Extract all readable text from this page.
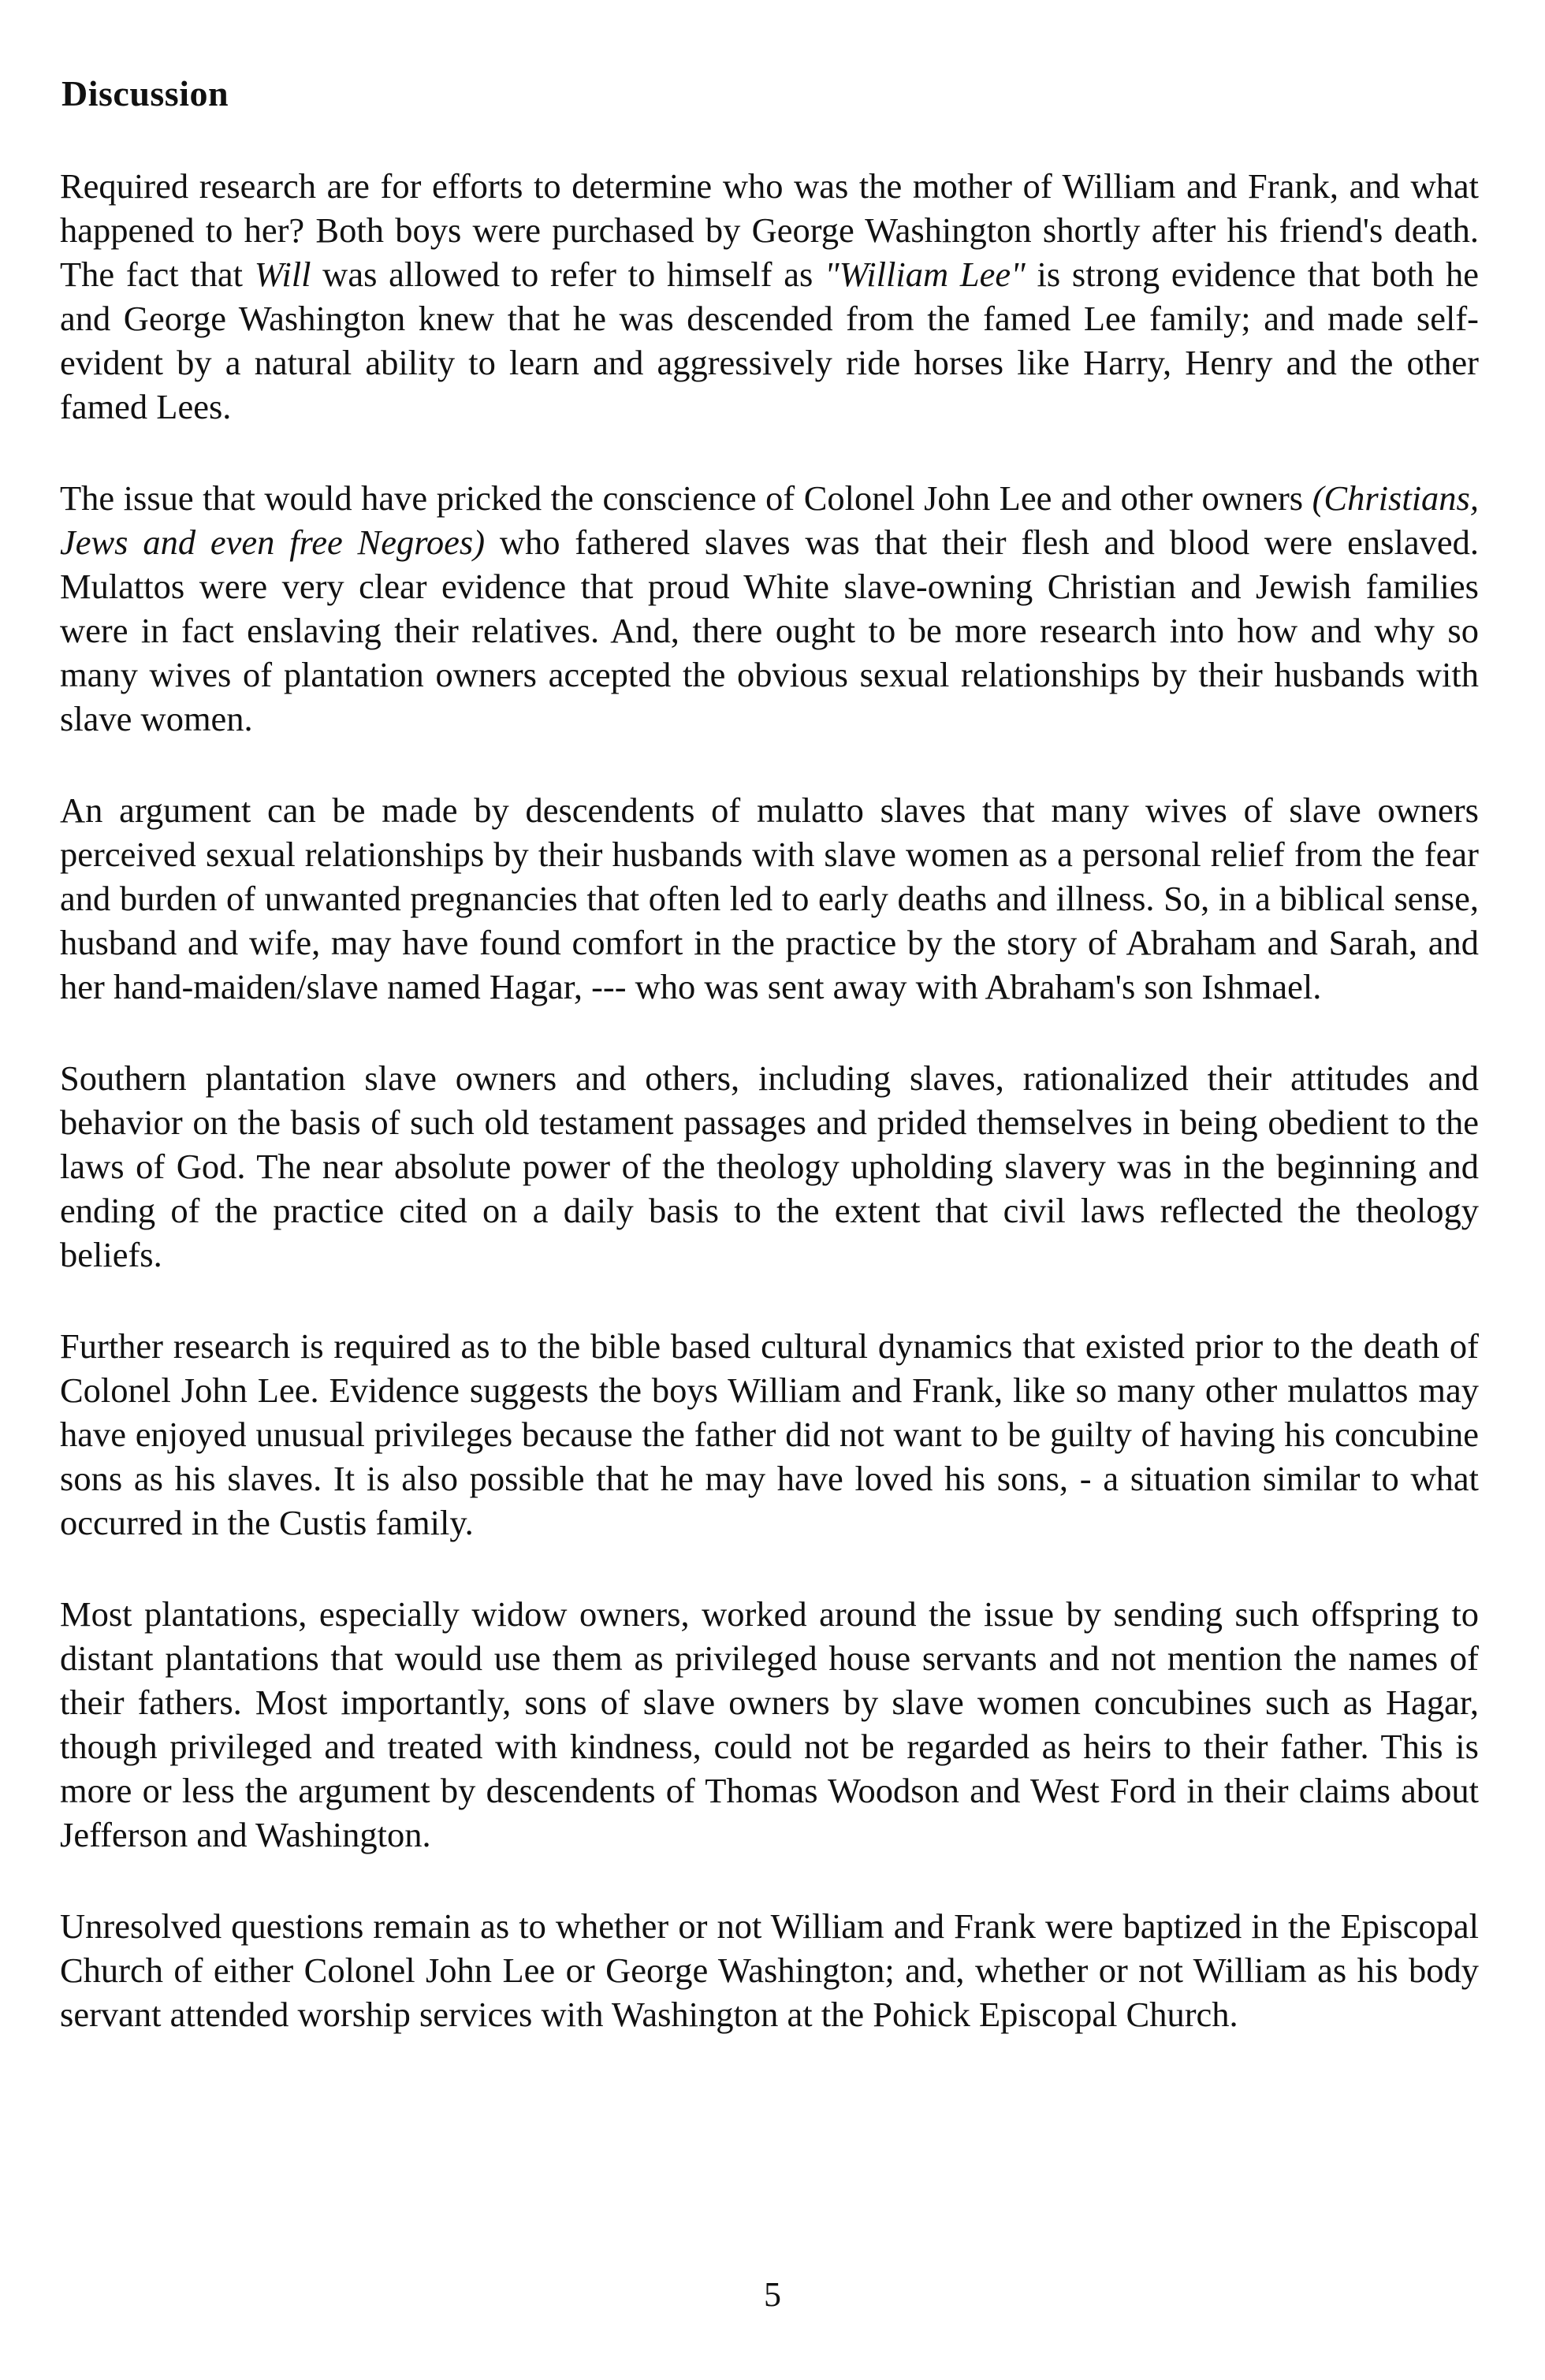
Discussion

Required research are for efforts to determine who was the mother of William and Frank, and what happened to her? Both boys were purchased by George Washington shortly after his friend's death. The fact that Will was allowed to refer to himself as "William Lee" is strong evidence that both he and George Washington knew that he was descended from the famed Lee family; and made self-evident by a natural ability to learn and aggressively ride horses like Harry, Henry and the other famed Lees.

The issue that would have pricked the conscience of Colonel John Lee and other owners (Christians, Jews and even free Negroes) who fathered slaves was that their flesh and blood were enslaved. Mulattos were very clear evidence that proud White slave-owning Christian and Jewish families were in fact enslaving their relatives. And, there ought to be more research into how and why so many wives of plantation owners accepted the obvious sexual relationships by their husbands with slave women.

An argument can be made by descendents of mulatto slaves that many wives of slave owners perceived sexual relationships by their husbands with slave women as a personal relief from the fear and burden of unwanted pregnancies that often led to early deaths and illness. So, in a biblical sense, husband and wife, may have found comfort in the practice by the story of Abraham and Sarah, and her hand-maiden/slave named Hagar, --- who was sent away with Abraham's son Ishmael.

Southern plantation slave owners and others, including slaves, rationalized their attitudes and behavior on the basis of such old testament passages and prided themselves in being obedient to the laws of God. The near absolute power of the theology upholding slavery was in the beginning and ending of the practice cited on a daily basis to the extent that civil laws reflected the theology beliefs.

Further research is required as to the bible based cultural dynamics that existed prior to the death of Colonel John Lee. Evidence suggests the boys William and Frank, like so many other mulattos may have enjoyed unusual privileges because the father did not want to be guilty of having his concubine sons as his slaves. It is also possible that he may have loved his sons, - a situation similar to what occurred in the Custis family.

Most plantations, especially widow owners, worked around the issue by sending such offspring to distant plantations that would use them as privileged house servants and not mention the names of their fathers. Most importantly, sons of slave owners by slave women concubines such as Hagar, though privileged and treated with kindness, could not be regarded as heirs to their father. This is more or less the argument by descendents of Thomas Woodson and West Ford in their claims about Jefferson and Washington.

Unresolved questions remain as to whether or not William and Frank were baptized in the Episcopal Church of either Colonel John Lee or George Washington; and, whether or not William as his body servant attended worship services with Washington at the Pohick Episcopal Church.

5
